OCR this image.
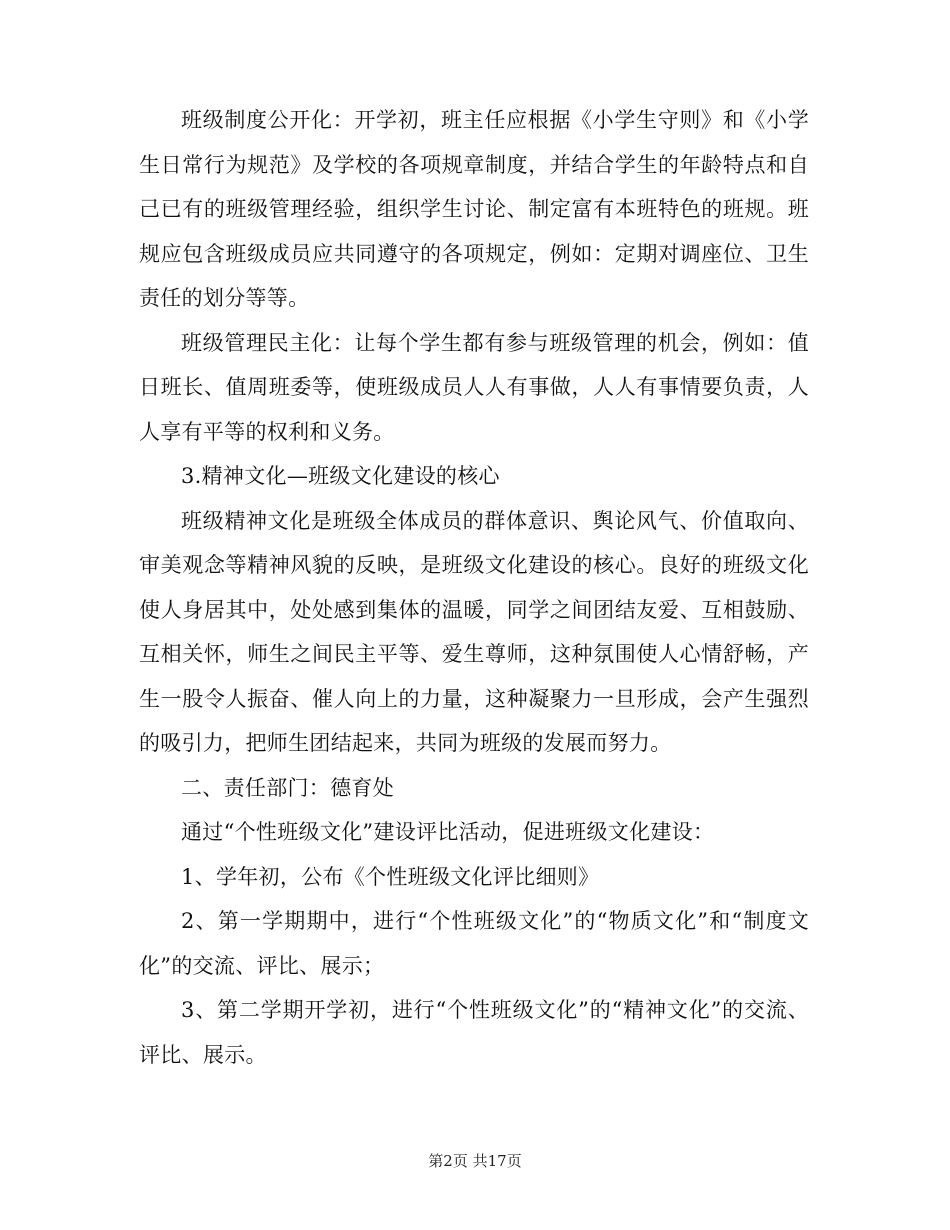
班级制度公开化：开学初，班主任应根据《小学生守则》和《小学生日常行为规范》及学校的各项规章制度，并结合学生的年龄特点和自己已有的班级管理经验，组织学生讨论、制定富有本班特色的班规。班规应包含班级成员应共同遵守的各项规定，例如：定期对调座位、卫生责任的划分等等。

班级管理民主化：让每个学生都有参与班级管理的机会，例如：值日班长、值周班委等，使班级成员人人有事做，人人有事情要负责，人人享有平等的权利和义务。

3.精神文化—班级文化建设的核心

班级精神文化是班级全体成员的群体意识、舆论风气、价值取向、审美观念等精神风貌的反映，是班级文化建设的核心。良好的班级文化使人身居其中，处处感到集体的温暖，同学之间团结友爱、互相鼓励、互相关怀，师生之间民主平等、爱生尊师，这种氛围使人心情舒畅，产生一股令人振奋、催人向上的力量，这种凝聚力一旦形成，会产生强烈的吸引力，把师生团结起来，共同为班级的发展而努力。

二、责任部门：德育处

通过“个性班级文化”建设评比活动，促进班级文化建设：

1、学年初，公布《个性班级文化评比细则》

2、第一学期期中，进行“个性班级文化”的“物质文化”和“制度文化”的交流、评比、展示；

3、第二学期开学初，进行“个性班级文化”的“精神文化”的交流、评比、展示。

第2页 共17页
